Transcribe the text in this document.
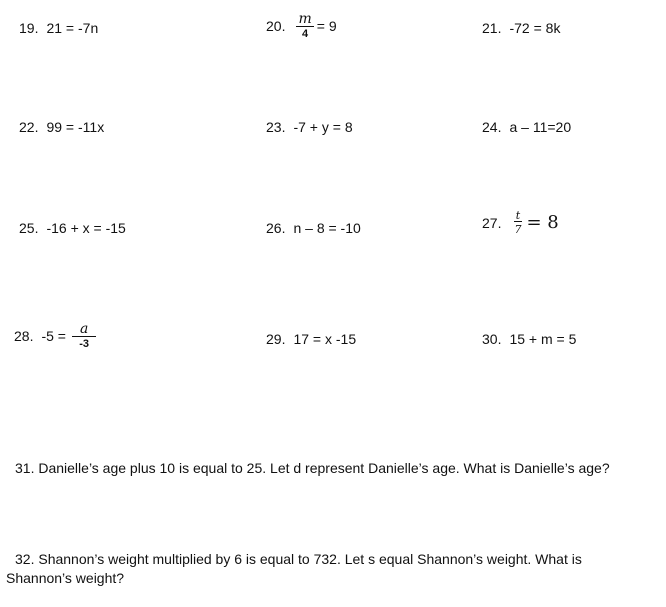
19. 21 = -7n	20. $\frac{m}{4} = 9$	21. -72 = 8k
22. 99 = -11x	23. -7 + y = 8	24. a – 11=20
25. -16 + x = -15	26. n – 8 = -10	27. $\frac{t}{7} = 8$
28. $-5 = \frac{a}{-3}$	29. 17 = x -15	30. 15 + m = 5
31. Danielle’s age plus 10 is equal to 25. Let d represent Danielle’s age. What is Danielle’s age?
32. Shannon’s weight multiplied by 6 is equal to 732. Let s equal Shannon’s weight. What is Shannon’s weight?
